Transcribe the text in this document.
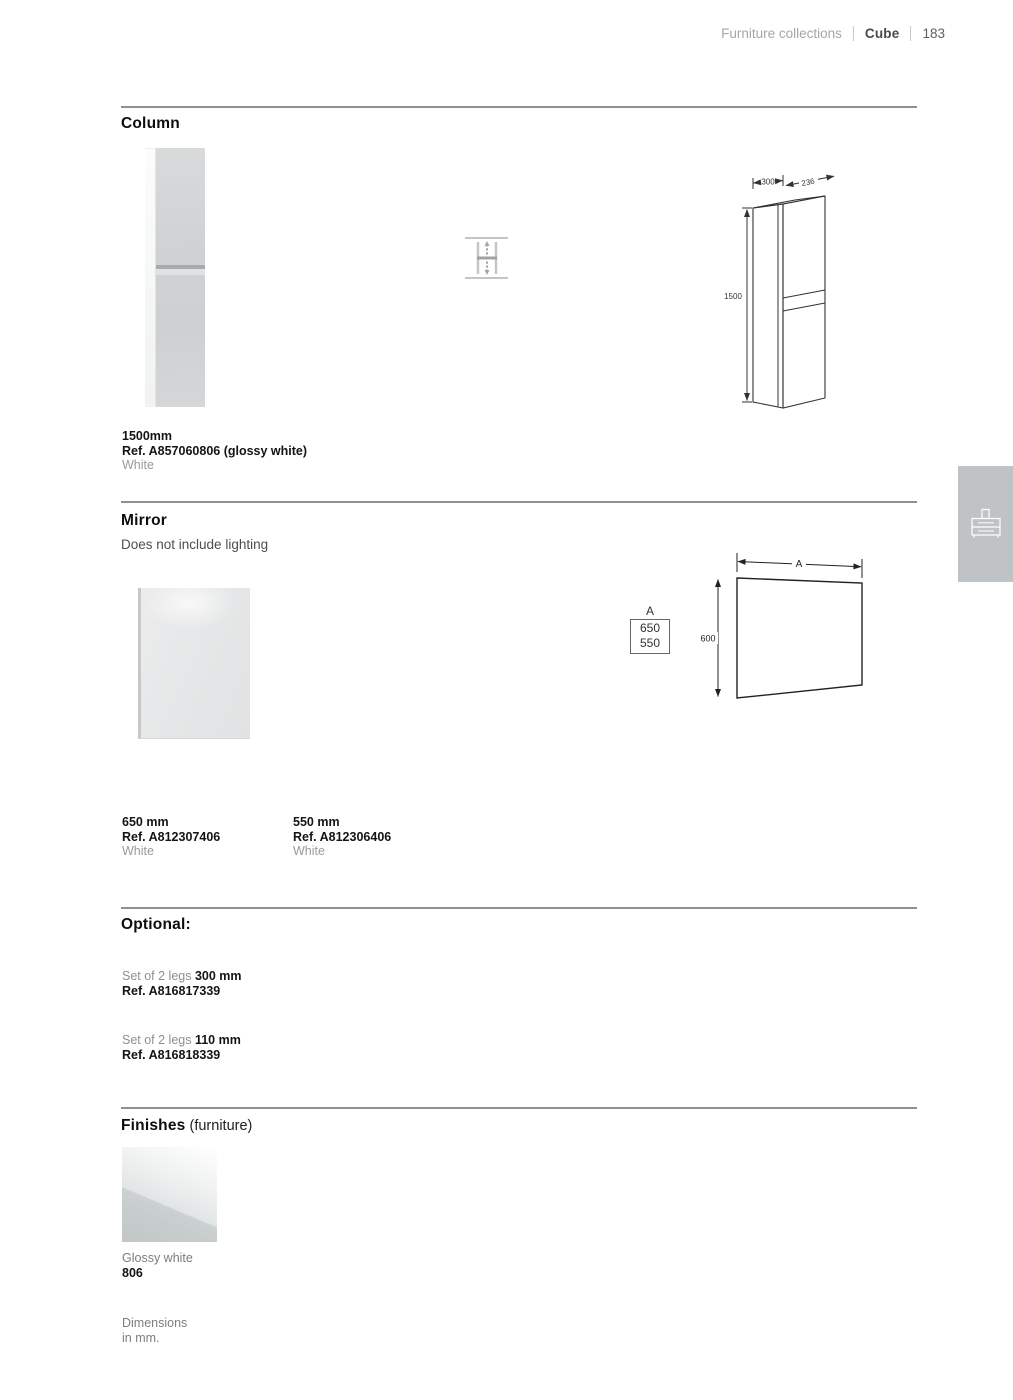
Furniture collections Cube 183
Column
300	236
1500
1500mm
Ref. A857060806 (glossy white)
White
Mirror
Does not include lighting
A
650
550
A
600
650 mm
Ref. A812307406
White
550 mm
Ref. A812306406
White
Optional:
Set of 2 legs 300 mm
Ref. A816817339
Set of 2 legs 110 mm
Ref. A816818339
Finishes (furniture)
Glossy white
806
Dimensions
in mm.
